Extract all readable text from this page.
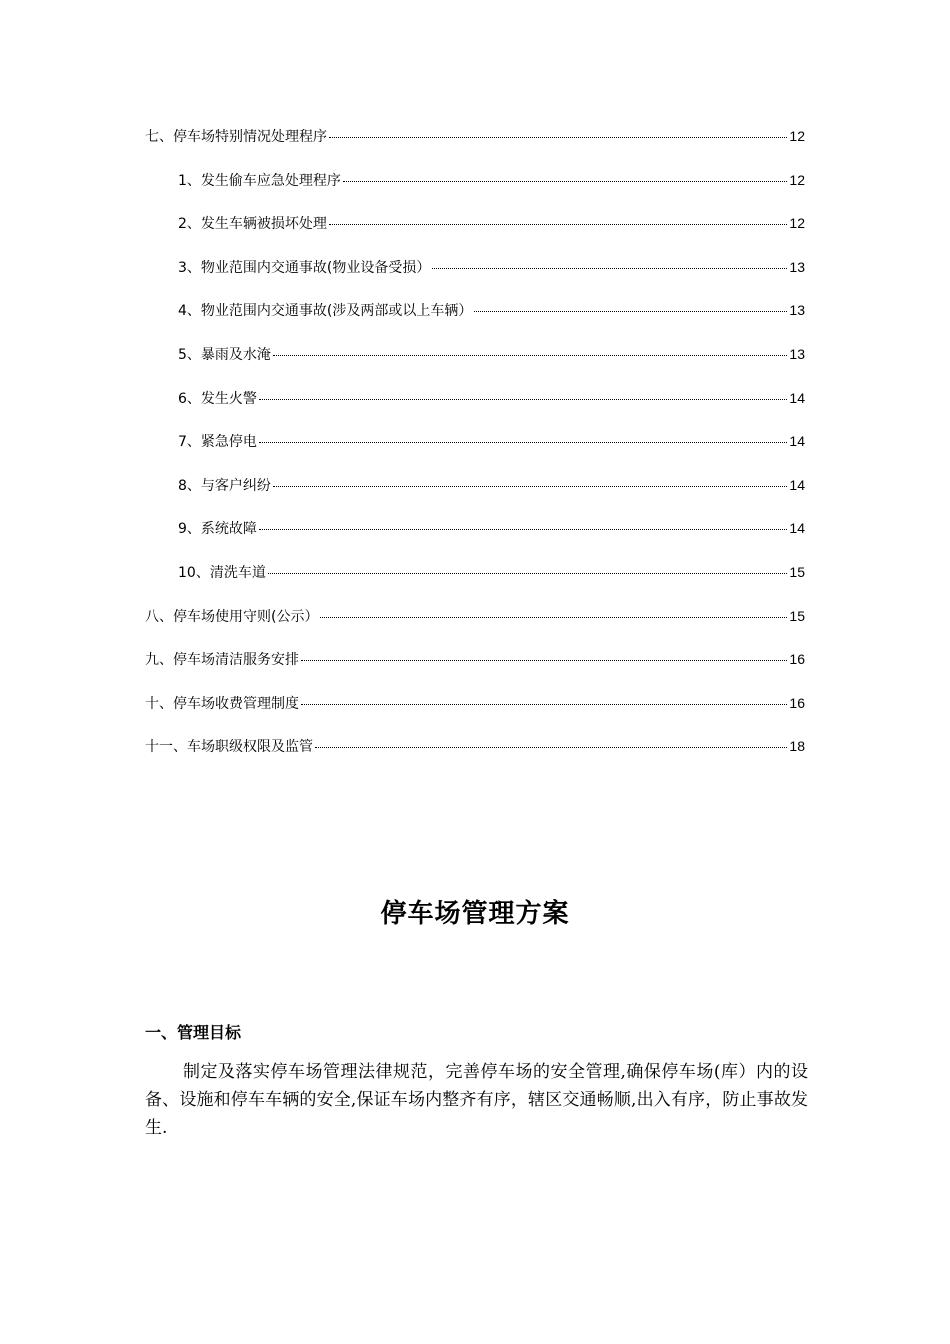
七、停车场特别情况处理程序	12
1、发生偷车应急处理程序	12
2、发生车辆被损坏处理	12
3、物业范围内交通事故(物业设备受损）	13
4、物业范围内交通事故(涉及两部或以上车辆）	13
5、暴雨及水淹	13
6、发生火警	14
7、紧急停电	14
8、与客户纠纷	14
9、系统故障	14
10、清洗车道	15
八、停车场使用守则(公示）	15
九、停车场清洁服务安排	16
十、停车场收费管理制度	16
十一、车场职级权限及监管	18
停车场管理方案
一、管理目标
制定及落实停车场管理法律规范，完善停车场的安全管理,确保停车场(库）内的设备、设施和停车车辆的安全,保证车场内整齐有序，辖区交通畅顺,出入有序，防止事故发生.
